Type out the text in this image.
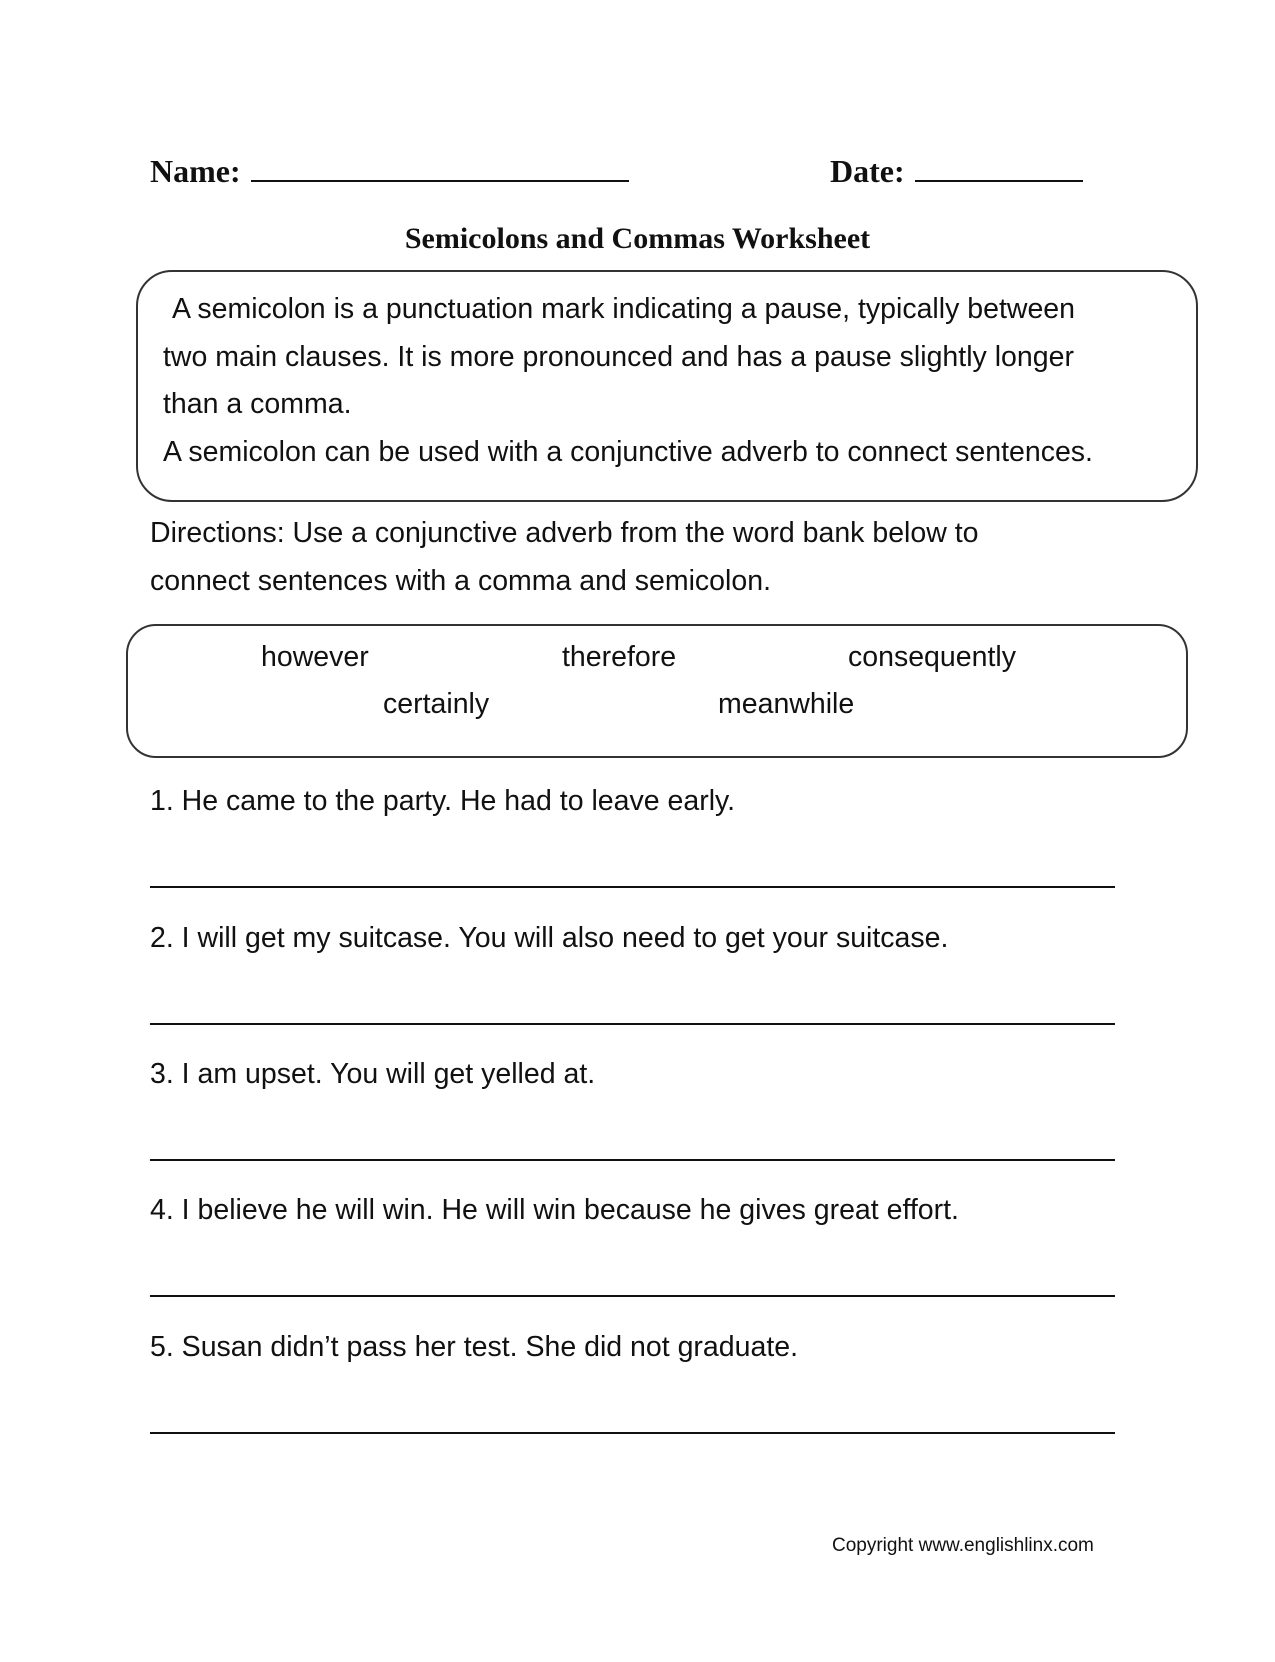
Name:	Date:
Semicolons and Commas Worksheet
A semicolon is a punctuation mark indicating a pause, typically between
two main clauses. It is more pronounced and has a pause slightly longer
than a comma.
A semicolon can be used with a conjunctive adverb to connect sentences.
Directions: Use a conjunctive adverb from the word bank below to
connect sentences with a comma and semicolon.
however	therefore	consequently
certainly	meanwhile
1. He came to the party. He had to leave early.
2. I will get my suitcase. You will also need to get your suitcase.
3. I am upset. You will get yelled at.
4. I believe he will win. He will win because he gives great effort.
5. Susan didn’t pass her test. She did not graduate.
Copyright www.englishlinx.com
